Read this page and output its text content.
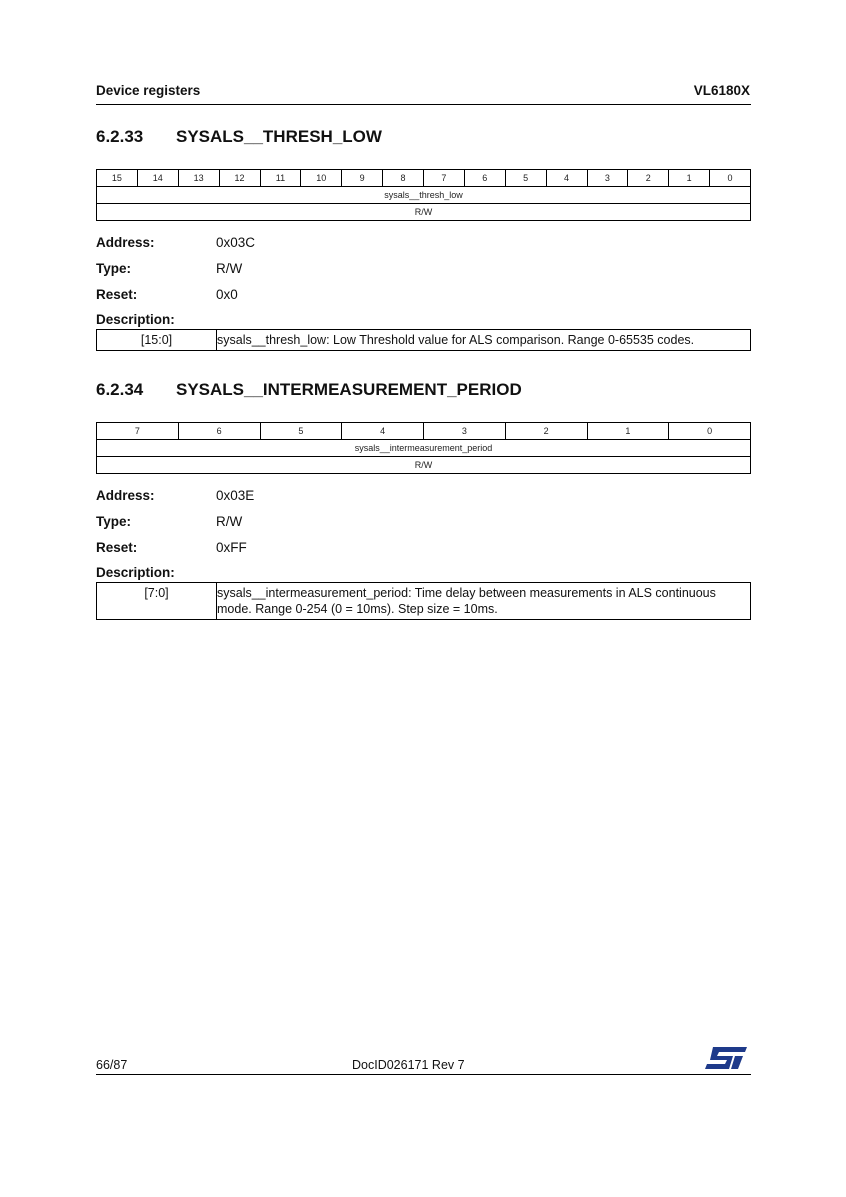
Device registers	VL6180X
6.2.33 SYSALS__THRESH_LOW
15	14	13	12	11	10	9	8	7	6	5	4	3	2	1	0
sysals__thresh_low
R/W
Address:	0x03C
Type:	R/W
Reset:	0x0
Description:
[15:0]	sysals__thresh_low: Low Threshold value for ALS comparison. Range 0-65535 codes.
6.2.34 SYSALS__INTERMEASUREMENT_PERIOD
7	6	5	4	3	2	1	0
sysals__intermeasurement_period
R/W
Address:	0x03E
Type:	R/W
Reset:	0xFF
Description:
[7:0]	sysals__intermeasurement_period: Time delay between measurements in ALS continuous mode. Range 0-254 (0 = 10ms). Step size = 10ms.
66/87	DocID026171 Rev 7
